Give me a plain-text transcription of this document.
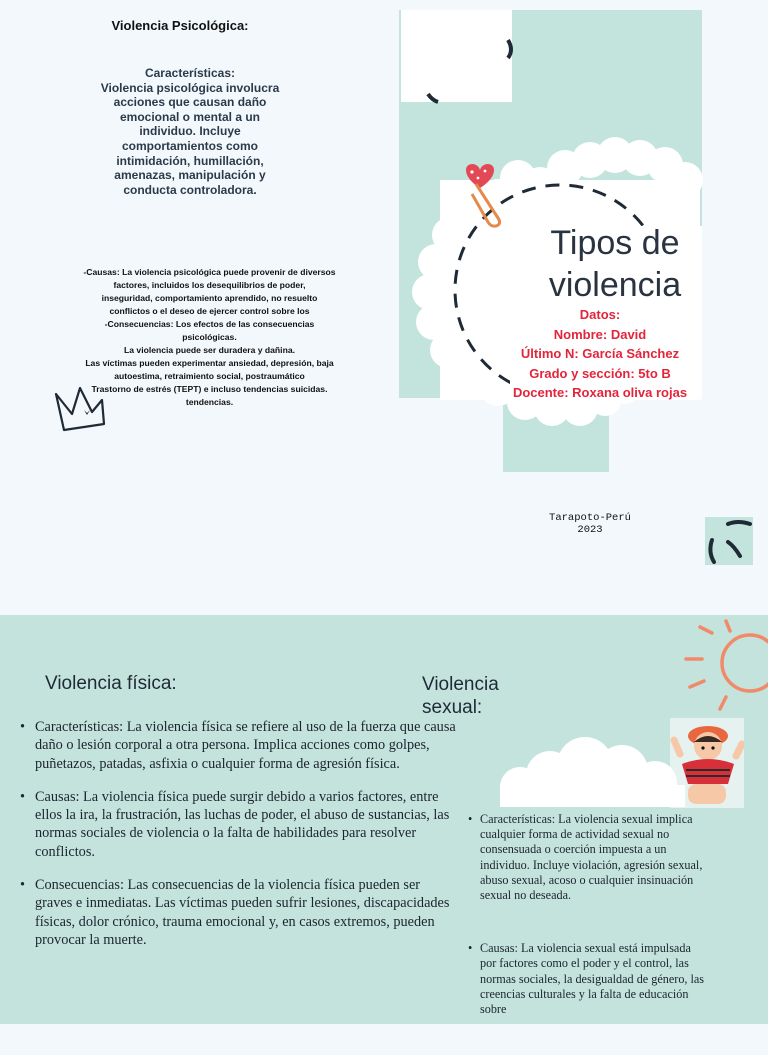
Violencia Psicológica:
Características:
Violencia psicológica involucra acciones que causan daño emocional o mental a un individuo. Incluye comportamientos como intimidación, humillación, amenazas, manipulación y conducta controladora.
-Causas: La violencia psicológica puede provenir de diversos factores, incluidos los desequilibrios de poder,
inseguridad, comportamiento aprendido, no resuelto conflictos o el deseo de ejercer control sobre los
-Consecuencias: Los efectos de las consecuencias psicológicas.
La violencia puede ser duradera y dañina.
Las víctimas pueden experimentar ansiedad, depresión, baja
autoestima, retraimiento social, postraumático
Trastorno de estrés (TEPT) e incluso tendencias suicidas.
tendencias.
Tipos de
violencia
Datos:
Nombre: David
Último N: García Sánchez
Grado y sección: 5to B
Docente: Roxana oliva rojas
Tarapoto-Perú
2023
Violencia física:	Violencia sexual:
• Características: La violencia física se refiere al uso de la fuerza que causa daño o lesión corporal a otra persona. Implica acciones como golpes, puñetazos, patadas, asfixia o cualquier forma de agresión física.
• Causas: La violencia física puede surgir debido a varios factores, entre ellos la ira, la frustración, las luchas de poder, el abuso de sustancias, las normas sociales de violencia o la falta de habilidades para resolver conflictos.
• Consecuencias: Las consecuencias de la violencia física pueden ser graves e inmediatas. Las víctimas pueden sufrir lesiones, discapacidades físicas, dolor crónico, trauma emocional y, en casos extremos, pueden provocar la muerte.
• Características: La violencia sexual implica cualquier forma de actividad sexual no consensuada o coerción impuesta a un individuo. Incluye violación, agresión sexual, abuso sexual, acoso o cualquier insinuación sexual no deseada.
• Causas: La violencia sexual está impulsada por factores como el poder y el control, las normas sociales, la desigualdad de género, las creencias culturales y la falta de educación sobre
